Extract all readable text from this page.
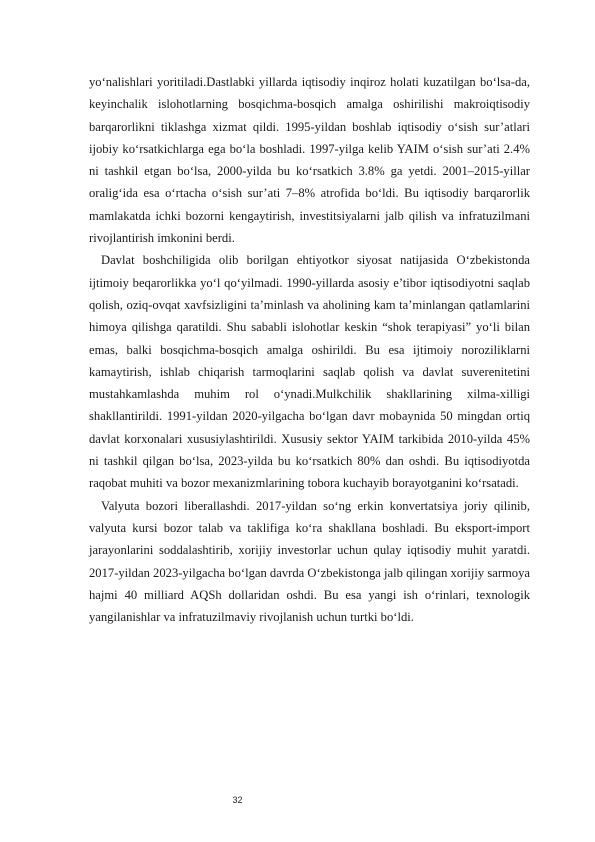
yo‘nalishlari yoritiladi.Dastlabki yillarda iqtisodiy inqiroz holati kuzatilgan bo‘lsa-da, keyinchalik islohotlarning bosqichma-bosqich amalga oshirilishi makroiqtisodiy barqarorlikni tiklashga xizmat qildi. 1995-yildan boshlab iqtisodiy o‘sish sur’atlari ijobiy ko‘rsatkichlarga ega bo‘la boshladi. 1997-yilga kelib YAIM o‘sish sur’ati 2.4% ni tashkil etgan bo‘lsa, 2000-yilda bu ko‘rsatkich 3.8% ga yetdi. 2001–2015-yillar oralig‘ida esa o‘rtacha o‘sish sur’ati 7–8% atrofida bo‘ldi. Bu iqtisodiy barqarorlik mamlakatda ichki bozorni kengaytirish, investitsiyalarni jalb qilish va infratuzilmani rivojlantirish imkonini berdi.

Davlat boshchiligida olib borilgan ehtiyotkor siyosat natijasida O‘zbekistonda ijtimoiy beqarorlikka yo‘l qo‘yilmadi. 1990-yillarda asosiy e’tibor iqtisodiyotni saqlab qolish, oziq-ovqat xavfsizligini ta’minlash va aholining kam ta’minlangan qatlamlarini himoya qilishga qaratildi. Shu sababli islohotlar keskin “shok terapiyasi” yo‘li bilan emas, balki bosqichma-bosqich amalga oshirildi. Bu esa ijtimoiy noroziliklarni kamaytirish, ishlab chiqarish tarmoqlarini saqlab qolish va davlat suverenitetini mustahkamlashda muhim rol o‘ynadi.Mulkchilik shakllarining xilma-xilligi shakllantirildi. 1991-yildan 2020-yilgacha bo‘lgan davr mobaynida 50 mingdan ortiq davlat korxonalari xususiylashtirildi. Xususiy sektor YAIM tarkibida 2010-yilda 45% ni tashkil qilgan bo‘lsa, 2023-yilda bu ko‘rsatkich 80% dan oshdi. Bu iqtisodiyotda raqobat muhiti va bozor mexanizmlarining tobora kuchayib borayotganini ko‘rsatadi.

Valyuta bozori liberallashdi. 2017-yildan so‘ng erkin konvertatsiya joriy qilinib, valyuta kursi bozor talab va taklifiga ko‘ra shakllana boshladi. Bu eksport-import jarayonlarini soddalashtirib, xorijiy investorlar uchun qulay iqtisodiy muhit yaratdi. 2017-yildan 2023-yilgacha bo‘lgan davrda O‘zbekistonga jalb qilingan xorijiy sarmoya hajmi 40 milliard AQSh dollaridan oshdi. Bu esa yangi ish o‘rinlari, texnologik yangilanishlar va infratuzilmaviy rivojlanish uchun turtki bo‘ldi.

32
